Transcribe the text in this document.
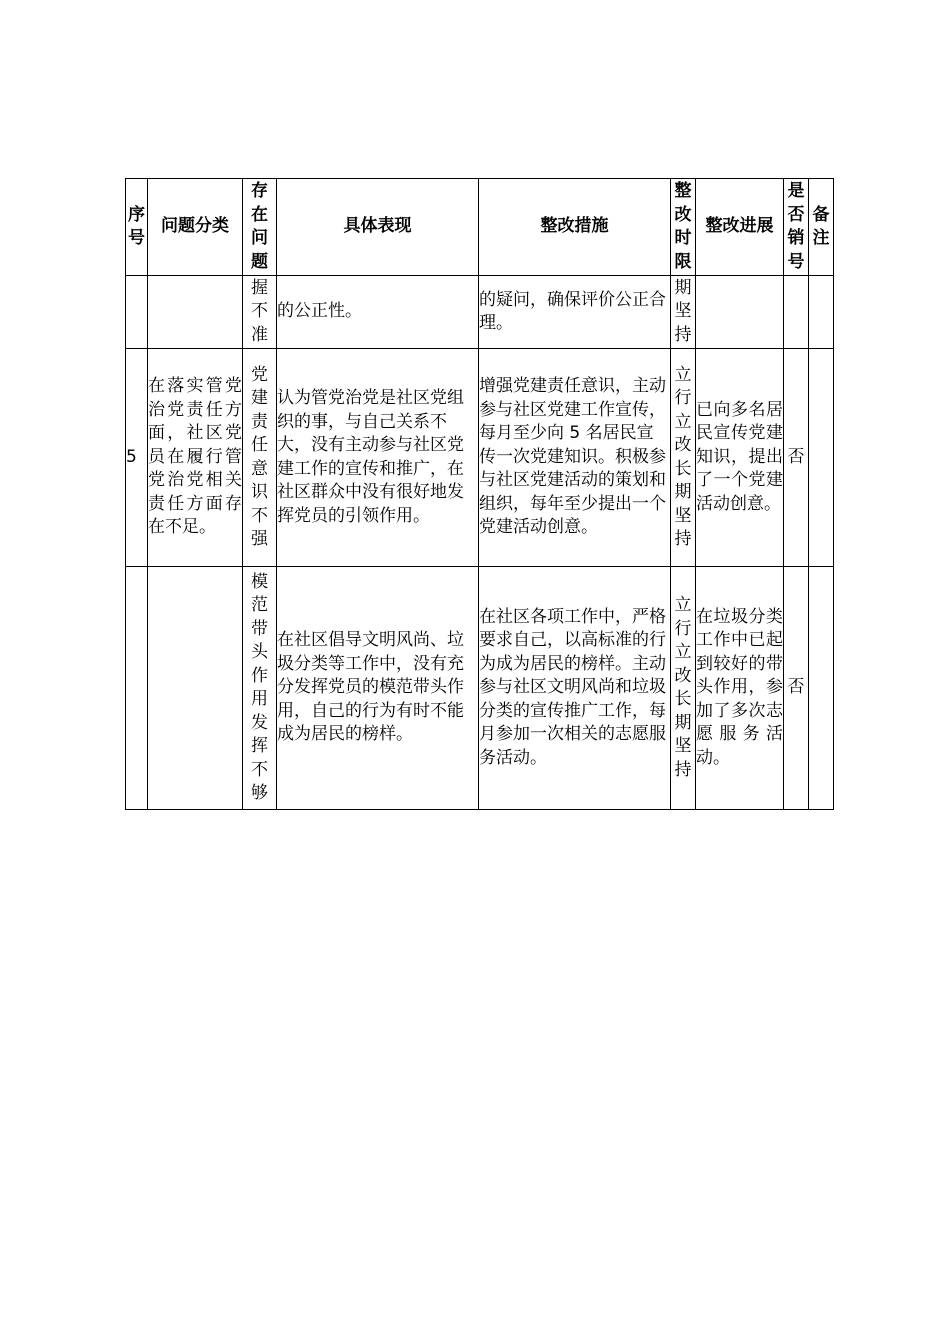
序号	问题分类	存在问题	具体表现	整改措施	整改时限	整改进展	是否销号	备注
		握不准	的公正性。	的疑问，确保评价公正合理。	期坚持			
5	在落实管党治党责任方面，社区党员在履行管党治党相关责任方面存在不足。	党建责任意识不强	认为管党治党是社区党组织的事，与自己关系不大，没有主动参与社区党建工作的宣传和推广，在社区群众中没有很好地发挥党员的引领作用。	增强党建责任意识，主动参与社区党建工作宣传，每月至少向 5 名居民宣传一次党建知识。积极参与社区党建活动的策划和组织，每年至少提出一个党建活动创意。	立行立改长期坚持	已向多名居民宣传党建知识，提出了一个党建活动创意。	否	
		模范带头作用发挥不够	在社区倡导文明风尚、垃圾分类等工作中，没有充分发挥党员的模范带头作用，自己的行为有时不能成为居民的榜样。	在社区各项工作中，严格要求自己，以高标准的行为成为居民的榜样。主动参与社区文明风尚和垃圾分类的宣传推广工作，每月参加一次相关的志愿服务活动。	立行立改长期坚持	在垃圾分类工作中已起到较好的带头作用，参加了多次志愿服务活动。	否	
